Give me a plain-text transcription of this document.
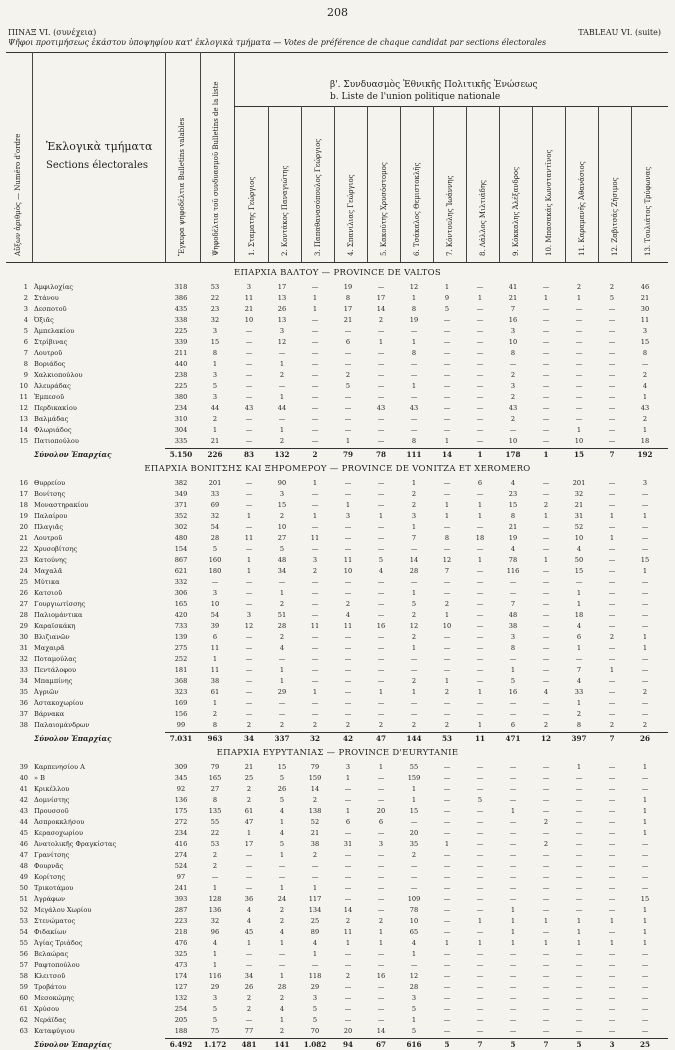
208
ΠΙΝΑΞ VI. (συνέχεια)	TABLEAU VI. (suite)
Ψῆφοι προτιμήσεως ἑκάστου ὑποψηφίου κατ' ἐκλογικὰ τμήματα — Votes de préférence de chaque candidat par sections électorales
Αὔξων ἀριθμὸς — Numéro d'ordre Ἐκλογικὰ τμήματα
Sections électorales	Ἔγκυρα ψηφοδέλτια Bulletins valables	Ψηφοδέλτια τοῦ συνδυασμοῦ Bulletins de la liste	β'. Συνδυασμὸς Ἐθνικῆς Πολιτικῆς Ἑνώσεως
b. Liste de l'union politique nationale
1. Σταματης Γεώργιος	2. Κοντάκος Παναγιώτης	3. Παπαθανασόπουλος Γεώργιος	4. Σπανιλιας Γεώργιος	5. Κακούτης Χρυσόστομος	6. Τσάκαλος Θεμιστοκλῆς	7. Κόντουλης Ἰωάννης	8. Λάλλος Μιλτιάδης	9. Κόκκαλης Ἀλέξανδρος	10. Μπασακάς Κωνσταντῖνος	11. Καραμανῆς Ἀθανάσιος	12. Ζαβιτσάς Ζήσιμος	13. Τουλιάτος Τρύφωνας
ΕΠΑΡΧΙΑ ΒΑΛΤΟΥ — PROVINCE DE VALTOS
1 Ἀμφιλοχίας	318	53	3	17	—	19	—	12	1	—	41	—	2	2	46
2 Στάνου	386	22	11	13	1	8	17	1	9	1	21	1	1	5	21
3 Δεσποτοῦ	435	23	21	26	1	17	14	8	5	—	7	—	—	—	30
4 Ὀξιᾶς	338	32	10	13	—	21	2	19	—	—	16	—	—	—	11
5 Ἀμπελακίου	225	3	—	3	—	—	—	—	—	—	3	—	—	—	3
6 Στρίβινας	339	15	—	12	—	6	1	1	—	—	10	—	—	—	15
7 Λουτροῦ	211	8	—	—	—	—	—	8	—	—	8	—	—	—	8
8 Βοριάδος	440	1	—	1	—	—	—	—	—	—	—	—	—	—	—
9 Χαλκιοπούλου	238	3	—	2	—	2	—	—	—	—	2	—	—	—	2
10 Ἀλευράδας	225	5	—	—	—	5	—	1	—	—	3	—	—	—	4
11 Ἐμπεσοῦ	380	3	—	1	—	—	—	—	—	—	2	—	—	—	1
12 Περδικακίου	234	44	43	44	—	—	43	43	—	—	43	—	—	—	43
13 Βαλμάδας	310	2	—	—	—	—	—	—	—	—	2	—	—	—	2
14 Φλωριάδος	304	1	—	1	—	—	—	—	—	—	—	—	1	—	1
15 Πατιοπούλου	335	21	—	2	—	1	—	8	1	—	10	—	10	—	18
Σύνολον Ἐπαρχίας	5.150	226	83	132	2	79	78	111	14	1	178	1	15	7	192
ΕΠΑΡΧΙΑ ΒΟΝΙΤΣΗΣ ΚΑΙ ΞΗΡΟΜΕΡΟΥ — PROVINCE DE VONITZA ET XEROMERO
16 Θυρρείου	382	201	—	90	1	—	—	1	—	6	4	—	201	—	3
17 Βονίτσης	349	33	—	3	—	—	—	2	—	—	23	—	32	—	—
18 Μοναστηρακίου	371	69	—	15	—	1	—	2	1	1	15	2	21	—	—
19 Παλαίρου	352	32	1	2	1	3	1	3	1	1	8	1	31	1	1
20 Πλαγιᾶς	302	54	—	10	—	—	—	1	—	—	21	—	52	—	—
21 Λουτροῦ	480	28	11	27	11	—	—	7	8	18	19	—	10	1	—
22 Χρυσοβίτσης	154	5	—	5	—	—	—	—	—	—	4	—	4	—	—
23 Κατούνης	867	160	1	48	3	11	5	14	12	1	78	1	50	—	15
24 Μαχαλᾶ	621	180	1	34	2	10	4	28	7	—	116	—	15	—	1
25 Μύτικα	332	—	—	—	—	—	—	—	—	—	—	—	—	—	—
26 Κατσιοῦ	306	3	—	1	—	—	—	1	—	—	—	—	1	—	—
27 Γουργιωτίσσης	165	10	—	2	—	2	—	5	2	—	7	—	1	—	—
28 Παλιομάντικα	420	54	3	51	—	4	—	2	1	—	48	—	18	—	—
29 Καραϊσκάκη	733	39	12	28	11	11	16	12	10	—	38	—	4	—	—
30 Βλιζιανῶν	139	6	—	2	—	—	—	2	—	—	3	—	6	2	1
31 Μαχαιρᾶ	275	11	—	4	—	—	—	1	—	—	8	—	1	—	1
32 Ποταμούλας	252	1	—	—	—	—	—	—	—	—	—	—	—	—	—
33 Πεντάλοφου	181	11	—	1	—	—	—	—	—	—	1	—	7	1	—
34 Μπαμπίνης	368	38	—	1	—	—	—	2	1	—	5	—	4	—	—
35 Ἀγριῶν	323	61	—	29	1	—	1	1	2	1	16	4	33	—	2
36 Ἀστακοχωρίου	169	1	—	—	—	—	—	—	—	—	—	—	1	—	—
37 Βάρνακα	156	2	—	—	—	—	—	—	—	—	—	—	2	—	—
38 Παλαιομάνδρων	99	8	2	2	2	2	2	2	2	1	6	2	8	2	2
Σύνολον Ἐπαρχίας	7.031	963	34	337	32	42	47	144	53	11	471	12	397	7	26
ΕΠΑΡΧΙΑ ΕΥΡΥΤΑΝΙΑΣ — PROVINCE D'EURYTANIE
39 Καρπενησίου Α	309	79	21	15	79	3	1	55	—	—	—	—	1	—	1
40 » Β	345	165	25	5	159	1	—	159	—	—	—	—	—	—	—
41 Κρικέλλου	92	27	2	26	14	—	—	1	—	—	—	—	—	—	—
42 Δομνίστης	136	8	2	5	2	—	—	1	—	5	—	—	—	—	1
43 Προυσσοῦ	175	135	61	4	138	1	20	15	—	—	1	—	—	—	1
44 Ἀσπροκκλήσου	272	55	47	1	52	6	6	—	—	—	—	2	—	—	1
45 Κερασοχωρίου	234	22	1	4	21	—	—	20	—	—	—	—	—	—	1
46 Ἀνατολικῆς Φραγκίστας	416	53	17	5	38	31	3	35	1	—	—	2	—	—	—
47 Γρανίτσης	274	2	—	1	2	—	—	2	—	—	—	—	—	—	—
48 Φουρνᾶς	524	2	—	—	—	—	—	—	—	—	—	—	—	—	—
49 Κορίτσης	97	—	—	—	—	—	—	—	—	—	—	—	—	—	—
50 Τρικοτάμου	241	1	—	1	1	—	—	—	—	—	—	—	—	—	—
51 Ἀγράφων	393	128	36	24	117	—	—	109	—	—	—	—	—	—	15
52 Μεγάλου Χωρίου	287	136	4	2	134	14	—	78	—	—	1	—	—	—	1
53 Στενώματος	223	32	4	2	25	2	2	10	—	1	1	1	1	1	1
54 Φιδακίων	218	96	45	4	89	11	1	65	—	—	1	—	1	—	1
55 Ἁγίας Τριάδος	476	4	1	1	4	1	1	4	1	1	1	1	1	1	1
56 Βελαώρας	325	1	—	—	1	—	—	1	—	—	—	—	—	—	—
57 Ραφτοπούλου	473	1	—	—	—	—	—	—	—	—	—	—	—	—	—
58 Κλειτσοῦ	174	116	34	1	118	2	16	12	—	—	—	—	—	—	—
59 Τροβάτου	127	29	26	28	29	—	—	28	—	—	—	—	—	—	—
60 Μεσοκώμης	132	3	2	2	3	—	—	3	—	—	—	—	—	—	—
61 Χρύσου	254	5	2	4	5	—	—	5	—	—	—	—	—	—	—
62 Νεράϊδας	205	5	—	1	5	—	—	1	—	—	—	—	—	—	—
63 Καταφύγιου	188	75	77	2	70	20	14	5	—	—	—	—	—	—	—
Σύνολον Ἐπαρχίας	6.492 1.172	481	141	1.082	94	67	616	5	7	5	7	5	3	25
